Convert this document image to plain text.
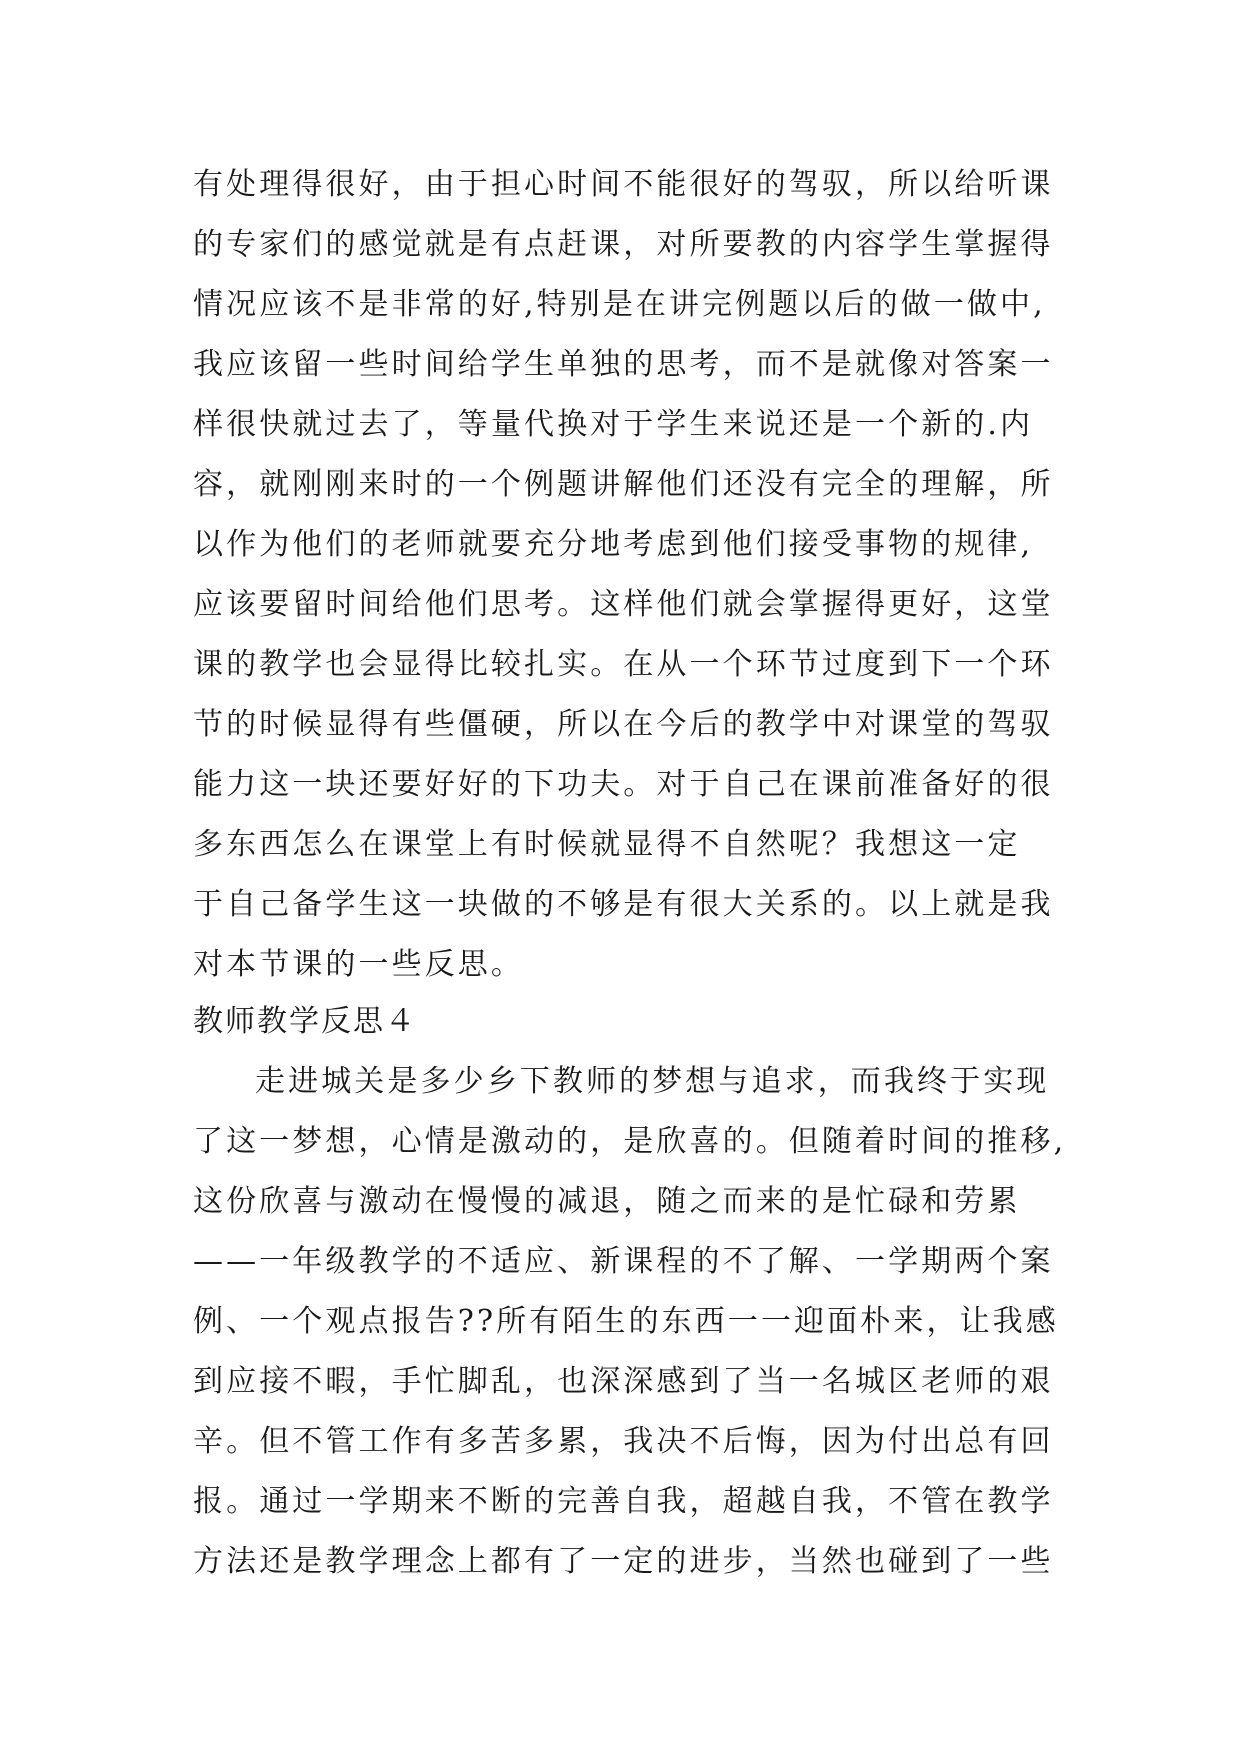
有处理得很好，由于担心时间不能很好的驾驭，所以给听课
的专家们的感觉就是有点赶课，对所要教的内容学生掌握得
情况应该不是非常的好,特别是在讲完例题以后的做一做中,
我应该留一些时间给学生单独的思考，而不是就像对答案一
样很快就过去了，等量代换对于学生来说还是一个新的.内
容，就刚刚来时的一个例题讲解他们还没有完全的理解，所
以作为他们的老师就要充分地考虑到他们接受事物的规律,
应该要留时间给他们思考。这样他们就会掌握得更好，这堂
课的教学也会显得比较扎实。在从一个环节过度到下一个环
节的时候显得有些僵硬，所以在今后的教学中对课堂的驾驭
能力这一块还要好好的下功夫。对于自己在课前准备好的很
多东西怎么在课堂上有时候就显得不自然呢？我想这一定
于自己备学生这一块做的不够是有很大关系的。以上就是我
对本节课的一些反思。
教师教学反思４
走进城关是多少乡下教师的梦想与追求，而我终于实现
了这一梦想，心情是激动的，是欣喜的。但随着时间的推移,
这份欣喜与激动在慢慢的减退，随之而来的是忙碌和劳累
——一年级教学的不适应、新课程的不了解、一学期两个案
例、一个观点报告??所有陌生的东西一一迎面朴来，让我感
到应接不暇，手忙脚乱，也深深感到了当一名城区老师的艰
辛。但不管工作有多苦多累，我决不后悔，因为付出总有回
报。通过一学期来不断的完善自我，超越自我，不管在教学
方法还是教学理念上都有了一定的进步，当然也碰到了一些
